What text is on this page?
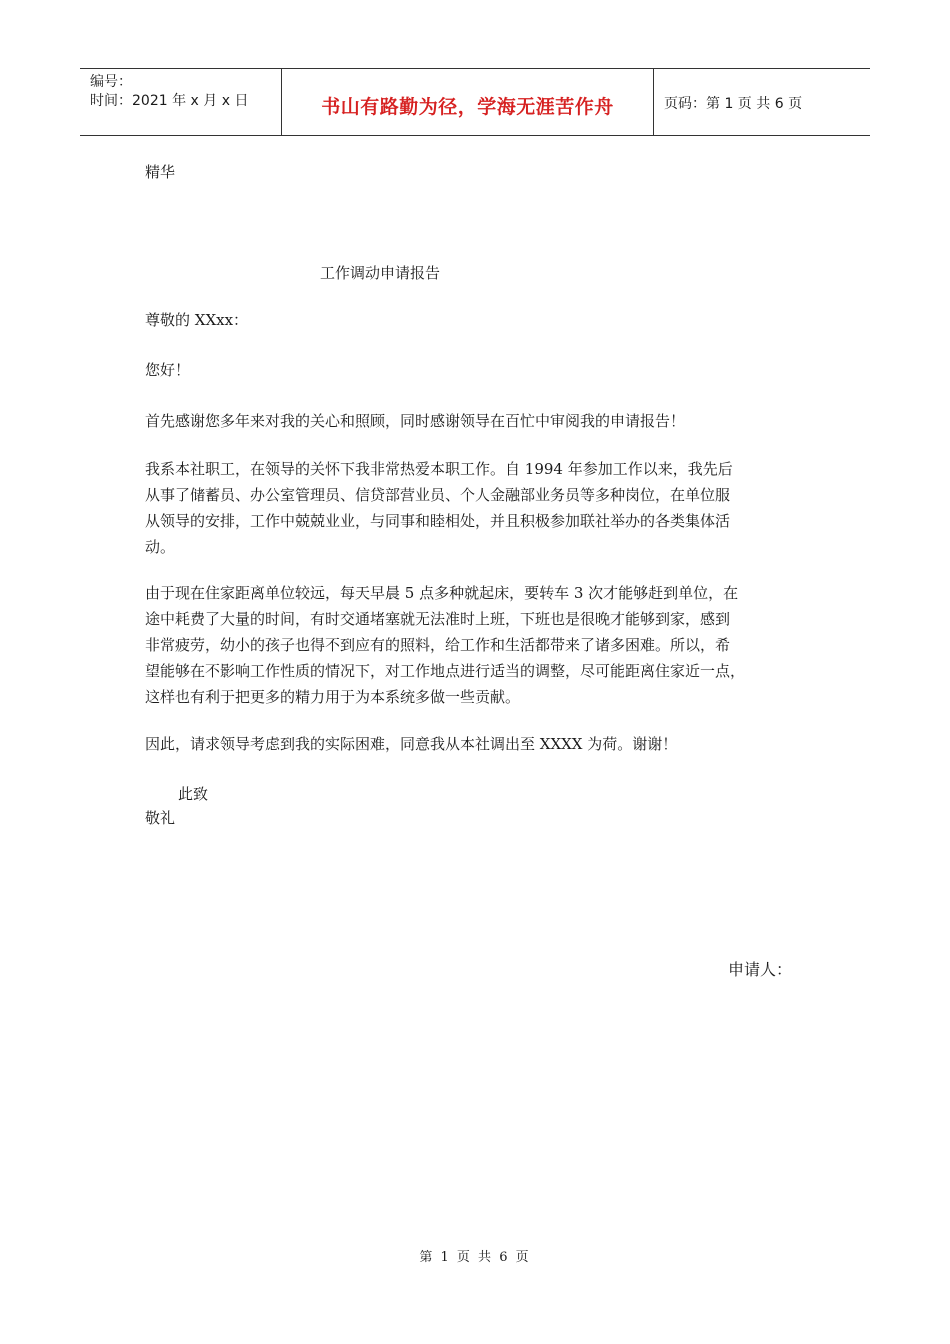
编号：
时间：2021 年 x 月 x 日	书山有路勤为径，学海无涯苦作舟	页码：第 1 页 共 6 页
精华
工作调动申请报告
尊敬的 XXxx：
您好！
首先感谢您多年来对我的关心和照顾，同时感谢领导在百忙中审阅我的申请报告！
我系本社职工，在领导的关怀下我非常热爱本职工作。自 1994 年参加工作以来，我先后
从事了储蓄员、办公室管理员、信贷部营业员、个人金融部业务员等多种岗位，在单位服
从领导的安排，工作中兢兢业业，与同事和睦相处，并且积极参加联社举办的各类集体活
动。
由于现在住家距离单位较远，每天早晨 5 点多种就起床，要转车 3 次才能够赶到单位，在
途中耗费了大量的时间，有时交通堵塞就无法准时上班，下班也是很晚才能够到家，感到
非常疲劳，幼小的孩子也得不到应有的照料，给工作和生活都带来了诸多困难。所以，希
望能够在不影响工作性质的情况下，对工作地点进行适当的调整，尽可能距离住家近一点，
这样也有利于把更多的精力用于为本系统多做一些贡献。
因此，请求领导考虑到我的实际困难，同意我从本社调出至 XXXX 为荷。谢谢！
此致
敬礼
申请人：
第 1 页 共 6 页
